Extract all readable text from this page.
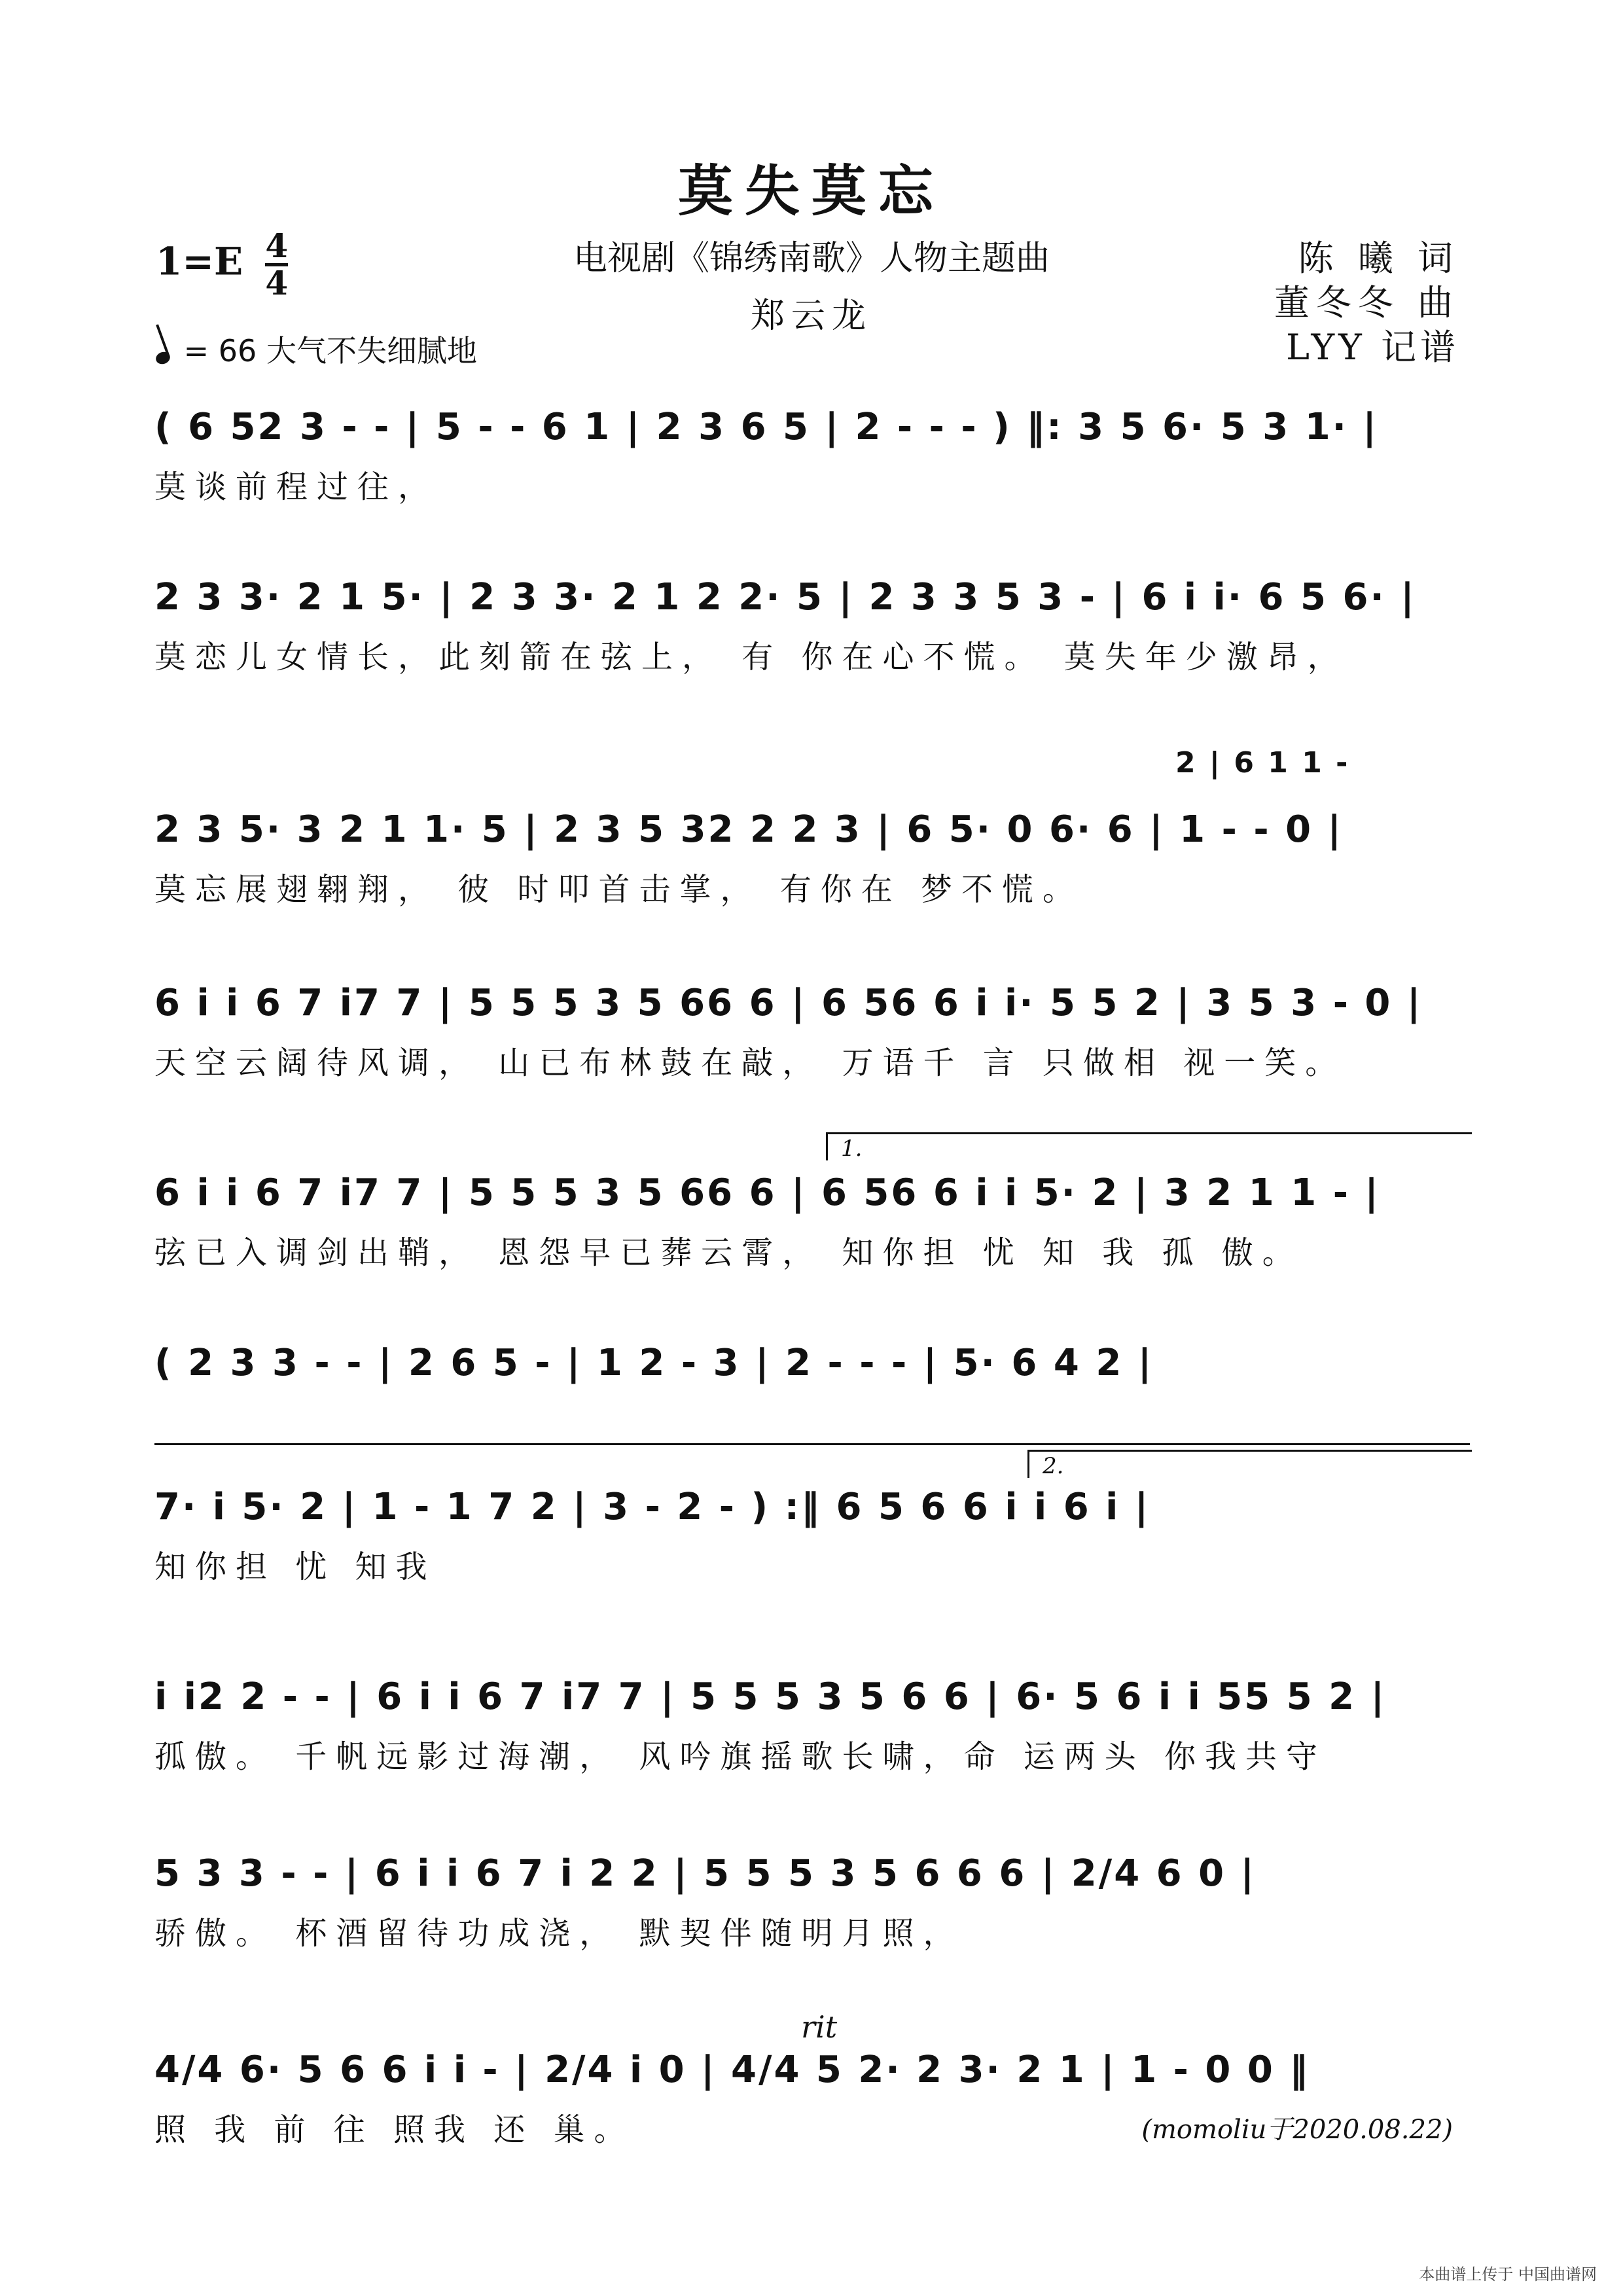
莫失莫忘
$1=E \frac{4}{4}$	电视剧《锦绣南歌》人物主题曲
郑云龙
陈 曦 词
董冬冬 曲
LYY 记谱
= 66 大气不失细腻地
( 6 52 3 - - | 5 - - 6 1 | 2 3 6 5 | 2 - - - ) ‖: 3 5 6· 5 3 1· |
莫谈前程过往，
2 3 3· 2 1 5· | 2 3 3· 2 1 2 2· 5 | 2 3 3 5 3 - | 6 i i· 6 5 6· |
莫恋儿女情长，此刻箭在弦上， 有 你在心不慌。 莫失年少激昂，
2 | 6 1 1 -
2 3 5· 3 2 1 1· 5 | 2 3 5 32 2 2 3 | 6 5· 0 6· 6 | 1 - - 0 |
莫忘展翅翱翔， 彼 时叩首击掌， 有你在 梦不慌。
6 i i 6 7 i7 7 | 5 5 5 3 5 66 6 | 6 56 6 i i· 5 5 2 | 3 5 3 - 0 |
天空云阔待风调， 山已布林鼓在敲， 万语千 言 只做相 视一笑。
1.
6 i i 6 7 i7 7 | 5 5 5 3 5 66 6 | 6 56 6 i i 5· 2 | 3 2 1 1 - |
弦已入调剑出鞘， 恩怨早已葬云霄， 知你担 忧 知 我 孤 傲。
( 2 3 3 - - | 2 6 5 - | 1 2 - 3 | 2 - - - | 5· 6 4 2 |
2.
7· i 5· 2 | 1 - 1 7 2 | 3 - 2 - ) :‖ 6 5 6 6 i i 6 i |
知你担 忧 知我
i i2 2 - - | 6 i i 6 7 i7 7 | 5 5 5 3 5 6 6 | 6· 5 6 i i 55 5 2 |
孤傲。 千帆远影过海潮， 风吟旗摇歌长啸，命 运两头 你我共守
5 3 3 - - | 6 i i 6 7 i 2 2 | 5 5 5 3 5 6 6 6 | 2/4 6 0 |
骄傲。 杯酒留待功成浇， 默契伴随明月照，
rit
4/4 6· 5 6 6 i i - | 2/4 i 0 | 4/4 5 2· 2 3· 2 1 | 1 - 0 0 ‖
照 我 前 往 照我 还 巢。	(momoliu于2020.08.22)
本曲谱上传于 中国曲谱网
